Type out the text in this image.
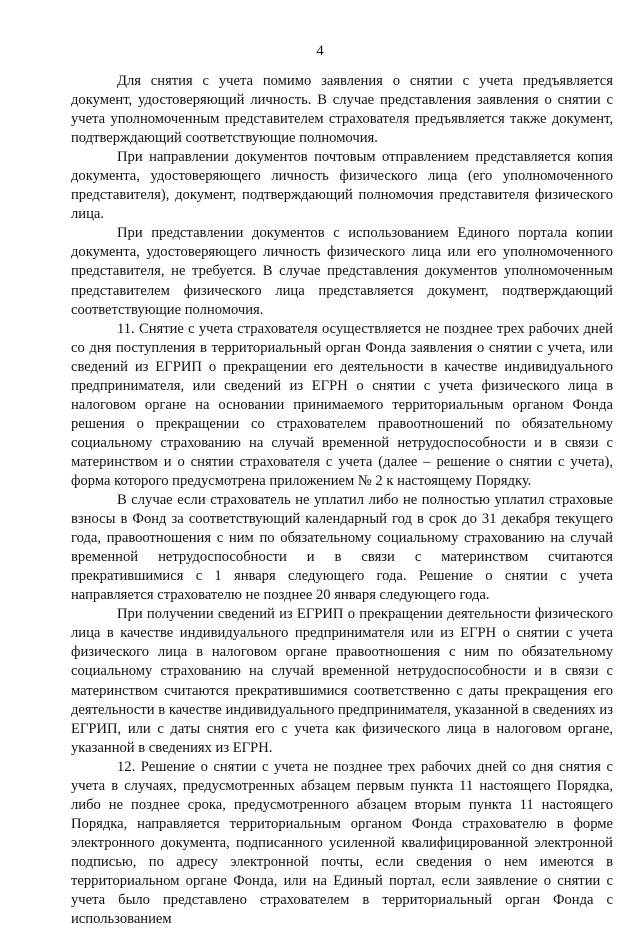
4

Для снятия с учета помимо заявления о снятии с учета предъявляется документ, удостоверяющий личность. В случае представления заявления о снятии с учета уполномоченным представителем страхователя предъявляется также документ, подтверждающий соответствующие полномочия.

При направлении документов почтовым отправлением представляется копия документа, удостоверяющего личность физического лица (его уполномоченного представителя), документ, подтверждающий полномочия представителя физического лица.

При представлении документов с использованием Единого портала копии документа, удостоверяющего личность физического лица или его уполномоченного представителя, не требуется. В случае представления документов уполномоченным представителем физического лица представляется документ, подтверждающий соответствующие полномочия.

11. Снятие с учета страхователя осуществляется не позднее трех рабочих дней со дня поступления в территориальный орган Фонда заявления о снятии с учета, или сведений из ЕГРИП о прекращении его деятельности в качестве индивидуального предпринимателя, или сведений из ЕГРН о снятии с учета физического лица в налоговом органе на основании принимаемого территориальным органом Фонда решения о прекращении со страхователем правоотношений по обязательному социальному страхованию на случай временной нетрудоспособности и в связи с материнством и о снятии страхователя с учета (далее – решение о снятии с учета), форма которого предусмотрена приложением № 2 к настоящему Порядку.

В случае если страхователь не уплатил либо не полностью уплатил страховые взносы в Фонд за соответствующий календарный год в срок до 31 декабря текущего года, правоотношения с ним по обязательному социальному страхованию на случай временной нетрудоспособности и в связи с материнством считаются прекратившимися с 1 января следующего года. Решение о снятии с учета направляется страхователю не позднее 20 января следующего года.

При получении сведений из ЕГРИП о прекращении деятельности физического лица в качестве индивидуального предпринимателя или из ЕГРН о снятии с учета физического лица в налоговом органе правоотношения с ним по обязательному социальному страхованию на случай временной нетрудоспособности и в связи с материнством считаются прекратившимися соответственно с даты прекращения его деятельности в качестве индивидуального предпринимателя, указанной в сведениях из ЕГРИП, или с даты снятия его с учета как физического лица в налоговом органе, указанной в сведениях из ЕГРН.

12. Решение о снятии с учета не позднее трех рабочих дней со дня снятия с учета в случаях, предусмотренных абзацем первым пункта 11 настоящего Порядка, либо не позднее срока, предусмотренного абзацем вторым пункта 11 настоящего Порядка, направляется территориальным органом Фонда страхователю в форме электронного документа, подписанного усиленной квалифицированной электронной подписью, по адресу электронной почты, если сведения о нем имеются в территориальном органе Фонда, или на Единый портал, если заявление о снятии с учета было представлено страхователем в территориальный орган Фонда с использованием
